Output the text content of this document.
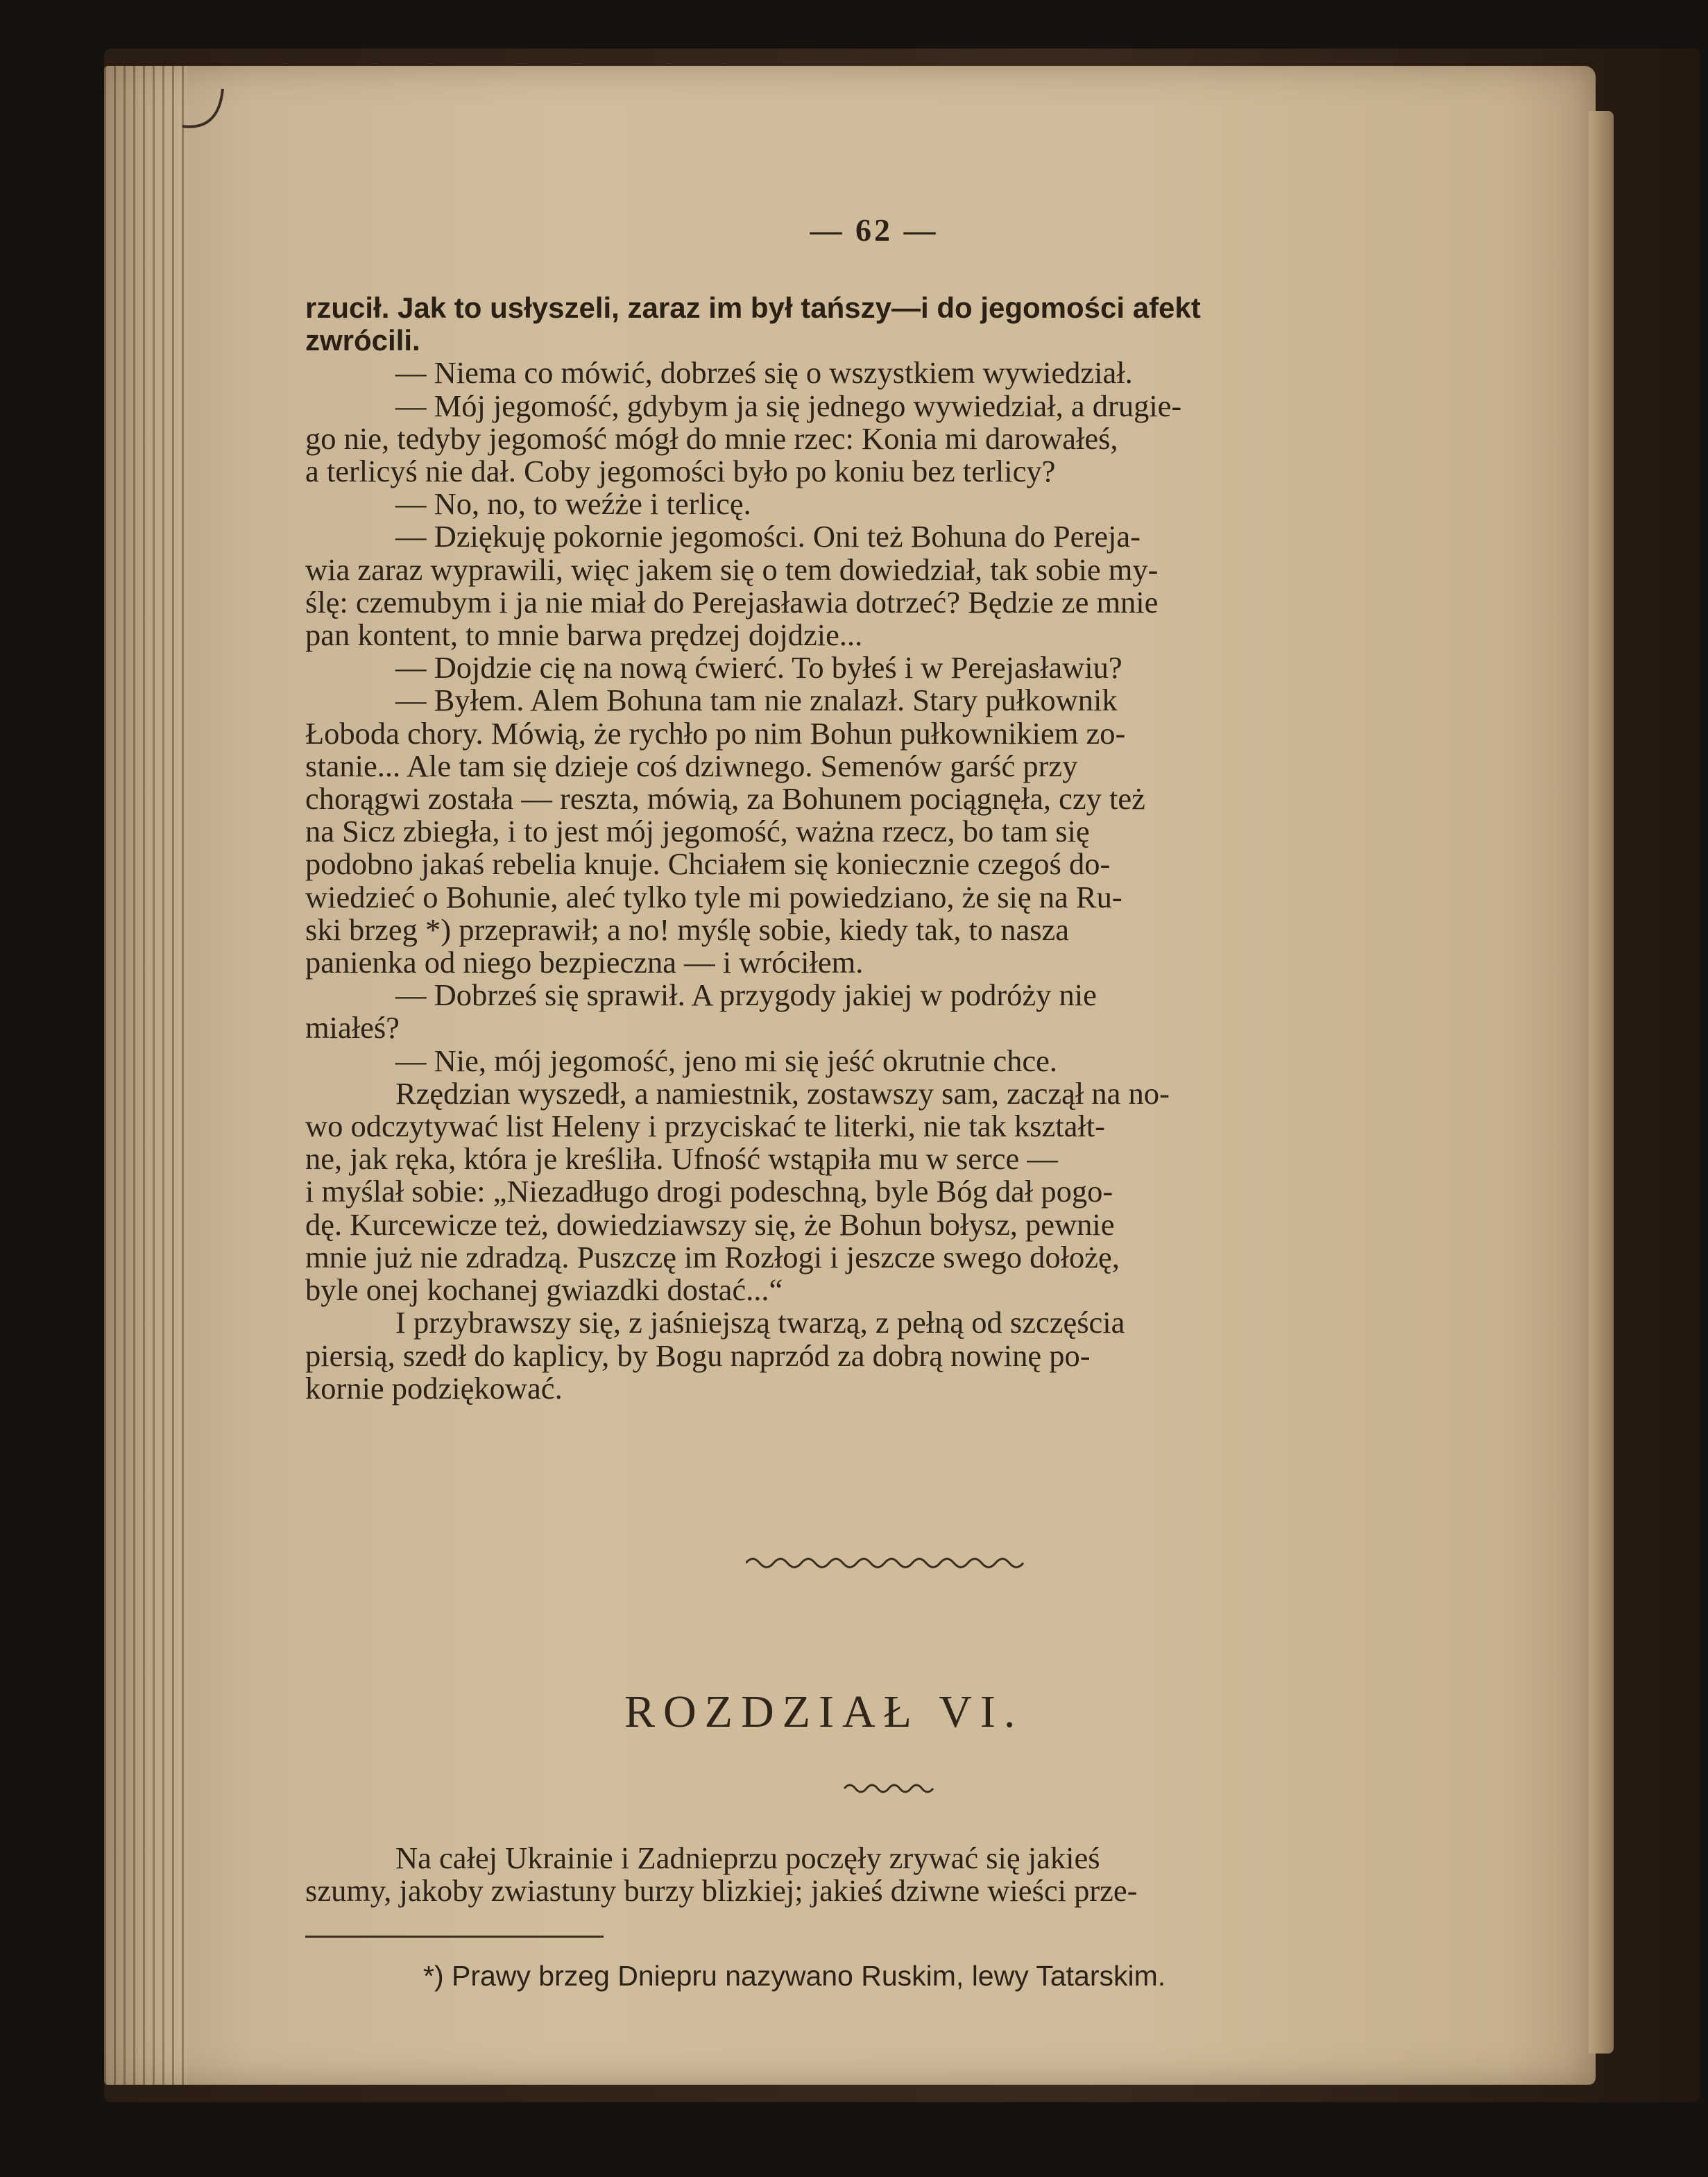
— 62 —

rzucił. Jak to usłyszeli, zaraz im był tańszy—i do jegomości afekt

zwrócili.

— Niema co mówić, dobrześ się o wszystkiem wywiedział.

— Mój jegomość, gdybym ja się jednego wywiedział, a drugie-

go nie, tedyby jegomość mógł do mnie rzec: Konia mi darowałeś,

a terlicyś nie dał. Coby jegomości było po koniu bez terlicy?

— No, no, to weźże i terlicę.

— Dziękuję pokornie jegomości. Oni też Bohuna do Pereja-

wia zaraz wyprawili, więc jakem się o tem dowiedział, tak sobie my-

ślę: czemubym i ja nie miał do Perejasławia dotrzeć? Będzie ze mnie

pan kontent, to mnie barwa prędzej dojdzie...

— Dojdzie cię na nową ćwierć. To byłeś i w Perejasławiu?

— Byłem. Alem Bohuna tam nie znalazł. Stary pułkownik

Łoboda chory. Mówią, że rychło po nim Bohun pułkownikiem zo-

stanie... Ale tam się dzieje coś dziwnego. Semenów garść przy

chorągwi została — reszta, mówią, za Bohunem pociągnęła, czy też

na Sicz zbiegła, i to jest mój jegomość, ważna rzecz, bo tam się

podobno jakaś rebelia knuje. Chciałem się koniecznie czegoś do-

wiedzieć o Bohunie, aleć tylko tyle mi powiedziano, że się na Ru-

ski brzeg *) przeprawił; a no! myślę sobie, kiedy tak, to nasza

panienka od niego bezpieczna — i wróciłem.

— Dobrześ się sprawił. A przygody jakiej w podróży nie

miałeś?

— Nie, mój jegomość, jeno mi się jeść okrutnie chce.

Rzędzian wyszedł, a namiestnik, zostawszy sam, zaczął na no-

wo odczytywać list Heleny i przyciskać te literki, nie tak kształt-

ne, jak ręka, która je kreśliła. Ufność wstąpiła mu w serce —

i myślał sobie: „Niezadługo drogi podeschną, byle Bóg dał pogo-

dę. Kurcewicze też, dowiedziawszy się, że Bohun bołysz, pewnie

mnie już nie zdradzą. Puszczę im Rozłogi i jeszcze swego dołożę,

byle onej kochanej gwiazdki dostać...“

I przybrawszy się, z jaśniejszą twarzą, z pełną od szczęścia

piersią, szedł do kaplicy, by Bogu naprzód za dobrą nowinę po-

kornie podziękować.

ROZDZIAŁ VI.

Na całej Ukrainie i Zadnieprzu poczęły zrywać się jakieś

szumy, jakoby zwiastuny burzy blizkiej; jakieś dziwne wieści prze-

*) Prawy brzeg Dniepru nazywano Ruskim, lewy Tatarskim.
